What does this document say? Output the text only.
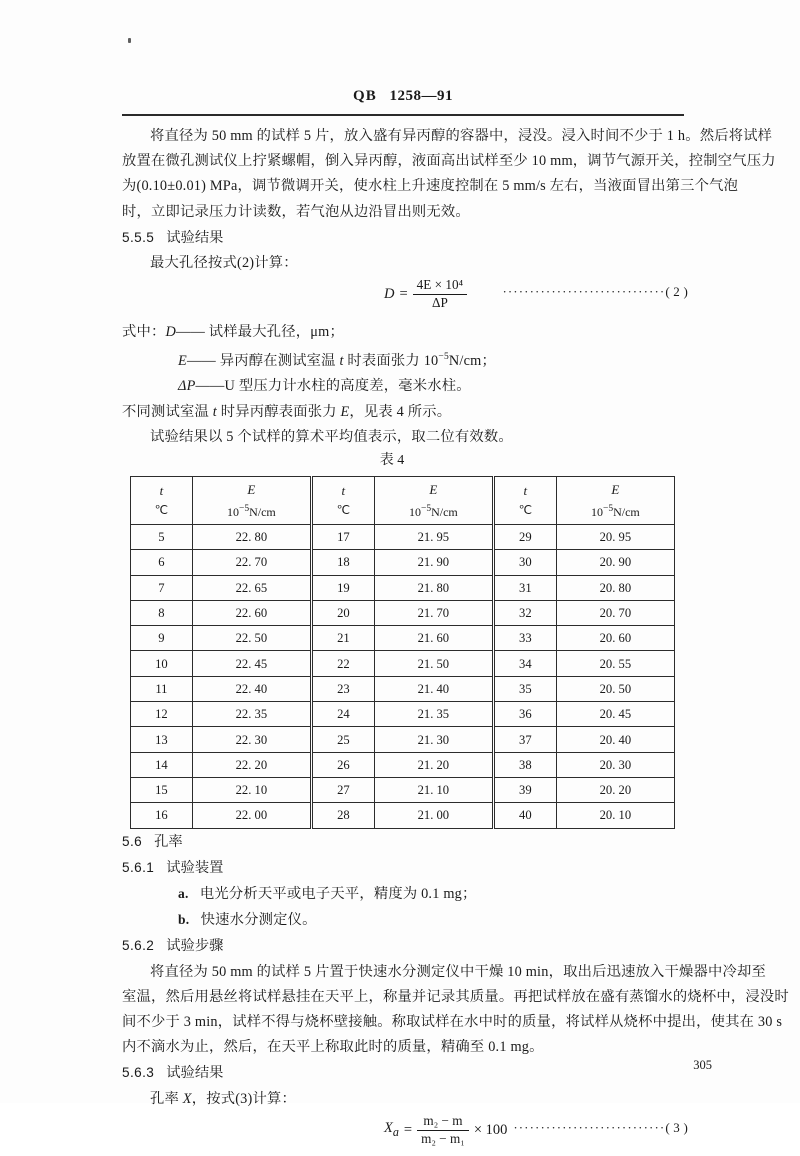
QB 1258—91

将直径为 50 mm 的试样 5 片，放入盛有异丙醇的容器中，浸没。浸入时间不少于 1 h。然后将试样

放置在微孔测试仪上拧紧螺帽，倒入异丙醇，液面高出试样至少 10 mm，调节气源开关，控制空气压力

为(0.10±0.01) MPa，调节微调开关，使水柱上升速度控制在 5 mm/s 左右，当液面冒出第三个气泡

时，立即记录压力计读数，若气泡从边沿冒出则无效。

5.5.5 试验结果

最大孔径按式(2)计算：

$D = \frac{\text{4E × 10⁴}}{\Delta P}$	······························( 2 )

式中：D—— 试样最大孔径，μm；

E—— 异丙醇在测试室温 t 时表面张力 $10^{-5}N/cm$；

ΔP——U 型压力计水柱的高度差，毫米水柱。

不同测试室温 t 时异丙醇表面张力 E，见表 4 所示。

试验结果以 5 个试样的算术平均值表示，取二位有效数。

表 4

t
℃	E
$10^{-5}N/cm$	t
℃	E
$10^{-5}N/cm$	t
℃	E
$10^{-5}N/cm$

5	22. 80	17	21. 95	29	20. 95
6	22. 70	18	21. 90	30	20. 90
7	22. 65	19	21. 80	31	20. 80
8	22. 60	20	21. 70	32	20. 70
9	22. 50	21	21. 60	33	20. 60
10	22. 45	22	21. 50	34	20. 55
11	22. 40	23	21. 40	35	20. 50
12	22. 35	24	21. 35	36	20. 45
13	22. 30	25	21. 30	37	20. 40
14	22. 20	26	21. 20	38	20. 30
15	22. 10	27	21. 10	39	20. 20
16	22. 00	28	21. 00	40	20. 10

5.6 孔率

5.6.1 试验装置

a. 电光分析天平或电子天平，精度为 0.1 mg；

b. 快速水分测定仪。

5.6.2 试验步骤

将直径为 50 mm 的试样 5 片置于快速水分测定仪中干燥 10 min，取出后迅速放入干燥器中冷却至

室温，然后用悬丝将试样悬挂在天平上，称量并记录其质量。再把试样放在盛有蒸馏水的烧杯中，浸没时

间不少于 3 min，试样不得与烧杯壁接触。称取试样在水中时的质量，将试样从烧杯中提出，使其在 30 s

内不滴水为止，然后，在天平上称取此时的质量，精确至 0.1 mg。

5.6.3 试验结果

孔率 X，按式(3)计算：

$X_a = \frac{\text{m₂ − m}}{\text{m₂ − m₁}} \times 100$ ····························( 3 )
305
